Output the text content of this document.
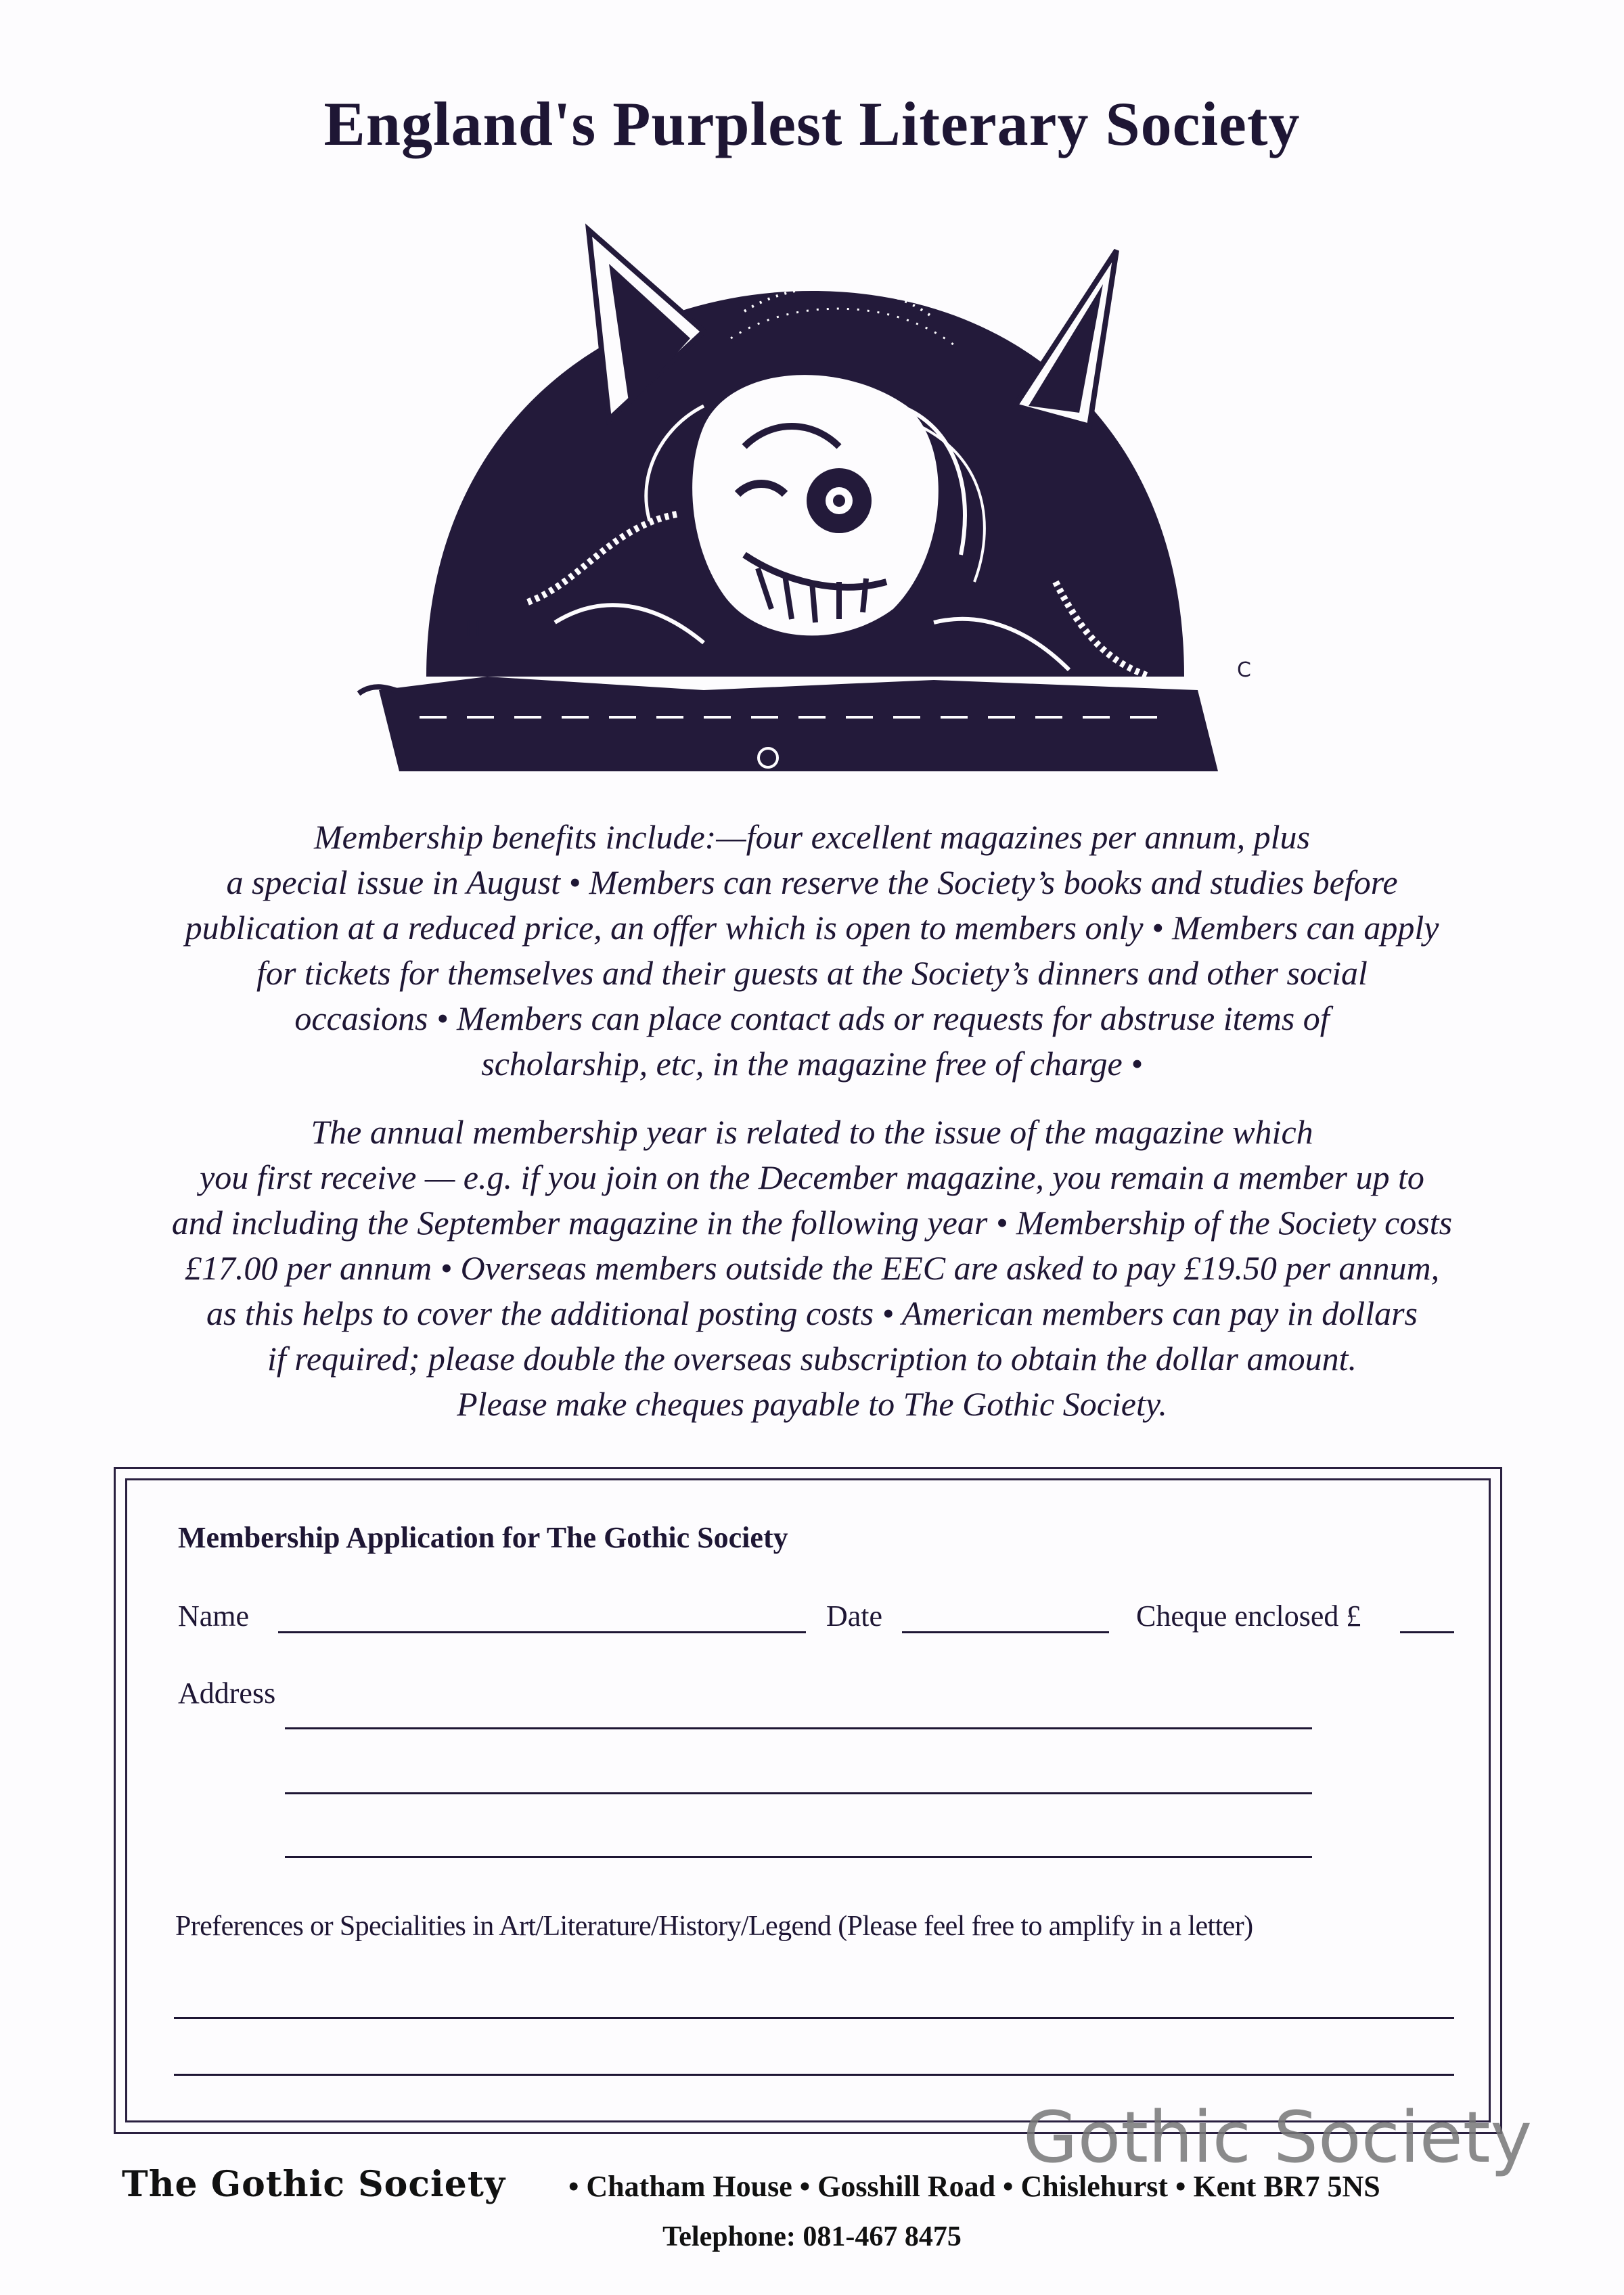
England's Purplest Literary Society
H
C

Membership benefits include:—four excellent magazines per annum, plus
a special issue in August • Members can reserve the Society’s books and studies before
publication at a reduced price, an offer which is open to members only • Members can apply
for tickets for themselves and their guests at the Society’s dinners and other social
occasions • Members can place contact ads or requests for abstruse items of
scholarship, etc, in the magazine free of charge •

The annual membership year is related to the issue of the magazine which
you first receive — e.g. if you join on the December magazine, you remain a member up to
and including the September magazine in the following year • Membership of the Society costs
£17.00 per annum • Overseas members outside the EEC are asked to pay £19.50 per annum,
as this helps to cover the additional posting costs • American members can pay in dollars
if required; please double the overseas subscription to obtain the dollar amount.
Please make cheques payable to The Gothic Society.

Membership Application for The Gothic Society
Name	Date	Cheque enclosed £
Address
Preferences or Specialities in Art/Literature/History/Legend (Please feel free to amplify in a letter)
The Gothic Society • Chatham House • Gosshill Road • Chislehurst • Kent BR7 5NS
Telephone: 081-467 8475
Gothic Society
